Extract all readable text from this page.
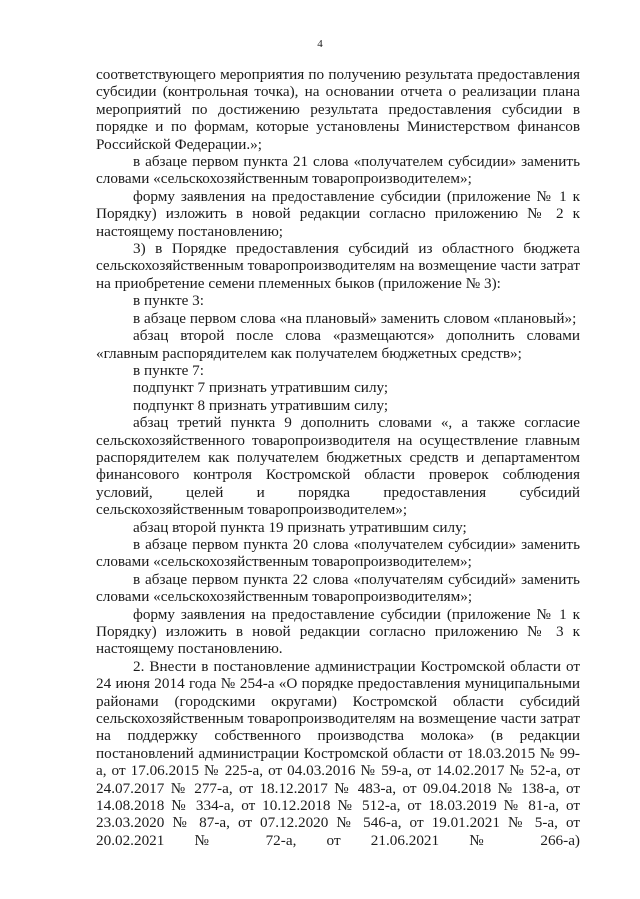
4

соответствующего мероприятия по получению результата предоставления субсидии (контрольная точка), на основании отчета о реализации плана мероприятий по достижению результата предоставления субсидии в порядке и по формам, которые установлены Министерством финансов Российской Федерации.»;

в абзаце первом пункта 21 слова «получателем субсидии» заменить словами «сельскохозяйственным товаропроизводителем»;

форму заявления на предоставление субсидии (приложение № 1 к Порядку) изложить в новой редакции согласно приложению № 2 к настоящему постановлению;

3) в Порядке предоставления субсидий из областного бюджета сельскохозяйственным товаропроизводителям на возмещение части затрат на приобретение семени племенных быков (приложение № 3):

в пункте 3:

в абзаце первом слова «на плановый» заменить словом «плановый»;

абзац второй после слова «размещаются» дополнить словами «главным распорядителем как получателем бюджетных средств»;

в пункте 7:

подпункт 7 признать утратившим силу;

подпункт 8 признать утратившим силу;

абзац третий пункта 9 дополнить словами «, а также согласие сельскохозяйственного товаропроизводителя на осуществление главным распорядителем как получателем бюджетных средств и департаментом финансового контроля Костромской области проверок соблюдения условий, целей и порядка предоставления субсидий сельскохозяйственным товаропроизводителем»;

абзац второй пункта 19 признать утратившим силу;

в абзаце первом пункта 20 слова «получателем субсидии» заменить словами «сельскохозяйственным товаропроизводителем»;

в абзаце первом пункта 22 слова «получателям субсидий» заменить словами «сельскохозяйственным товаропроизводителям»;

форму заявления на предоставление субсидии (приложение № 1 к Порядку) изложить в новой редакции согласно приложению № 3 к настоящему постановлению.

2. Внести в постановление администрации Костромской области от 24 июня 2014 года № 254-а «О порядке предоставления муниципальными районами (городскими округами) Костромской области субсидий сельскохозяйственным товаропроизводителям на возмещение части затрат на поддержку собственного производства молока» (в редакции постановлений администрации Костромской области от 18.03.2015 № 99-а, от 17.06.2015 № 225-а, от 04.03.2016 № 59-а, от 14.02.2017 № 52-а, от 24.07.2017 № 277-а, от 18.12.2017 № 483-а, от 09.04.2018 № 138-а, от 14.08.2018 № 334-а, от 10.12.2018 № 512-а, от 18.03.2019 № 81-а, от 23.03.2020 № 87-а, от 07.12.2020 № 546-а, от 19.01.2021 № 5-а, от 20.02.2021 № 72-а, от 21.06.2021 № 266-а)
